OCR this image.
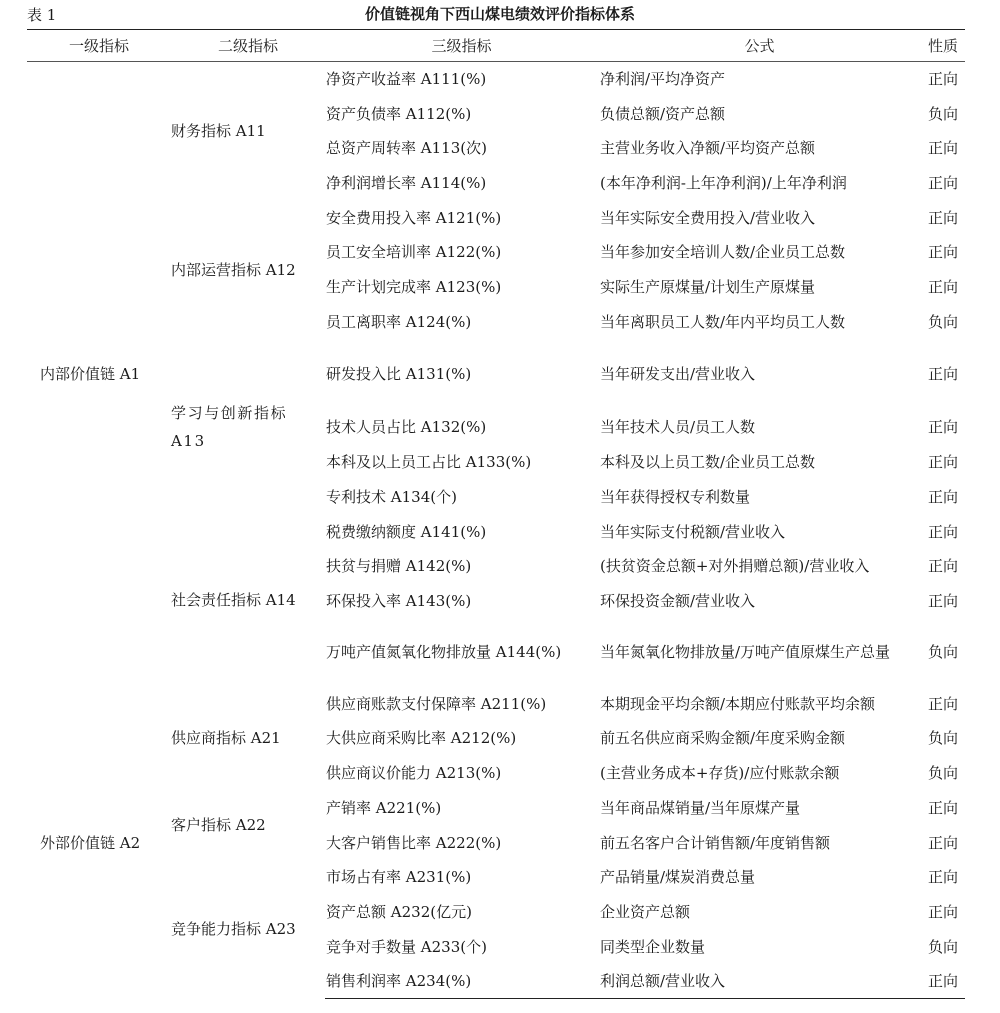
表 1	价值链视角下西山煤电绩效评价指标体系
一级指标	二级指标	三级指标	公式	性质
内部价值链 A1	财务指标 A11	净资产收益率 A111(%)	净利润/平均净资产	正向
		资产负债率 A112(%)	负债总额/资产总额	负向
		总资产周转率 A113(次)	主营业务收入净额/平均资产总额	正向
		净利润增长率 A114(%)	(本年净利润-上年净利润)/上年净利润	正向
	内部运营指标 A12	安全费用投入率 A121(%)	当年实际安全费用投入/营业收入	正向
		员工安全培训率 A122(%)	当年参加安全培训人数/企业员工总数	正向
		生产计划完成率 A123(%)	实际生产原煤量/计划生产原煤量	正向
		员工离职率 A124(%)	当年离职员工人数/年内平均员工人数	负向
	学习与创新指标 A13	研发投入比 A131(%)	当年研发支出/营业收入	正向
		技术人员占比 A132(%)	当年技术人员/员工人数	正向
		本科及以上员工占比 A133(%)	本科及以上员工数/企业员工总数	正向
		专利技术 A134(个)	当年获得授权专利数量	正向
	社会责任指标 A14	税费缴纳额度 A141(%)	当年实际支付税额/营业收入	正向
		扶贫与捐赠 A142(%)	(扶贫资金总额+对外捐赠总额)/营业收入	正向
		环保投入率 A143(%)	环保投资金额/营业收入	正向
		万吨产值氮氧化物排放量 A144(%)	当年氮氧化物排放量/万吨产值原煤生产总量	负向
外部价值链 A2	供应商指标 A21	供应商账款支付保障率 A211(%)	本期现金平均余额/本期应付账款平均余额	正向
		大供应商采购比率 A212(%)	前五名供应商采购金额/年度采购金额	负向
		供应商议价能力 A213(%)	(主营业务成本+存货)/应付账款余额	负向
	客户指标 A22	产销率 A221(%)	当年商品煤销量/当年原煤产量	正向
		大客户销售比率 A222(%)	前五名客户合计销售额/年度销售额	正向
	竞争能力指标 A23	市场占有率 A231(%)	产品销量/煤炭消费总量	正向
		资产总额 A232(亿元)	企业资产总额	正向
		竞争对手数量 A233(个)	同类型企业数量	负向
		销售利润率 A234(%)	利润总额/营业收入	正向
